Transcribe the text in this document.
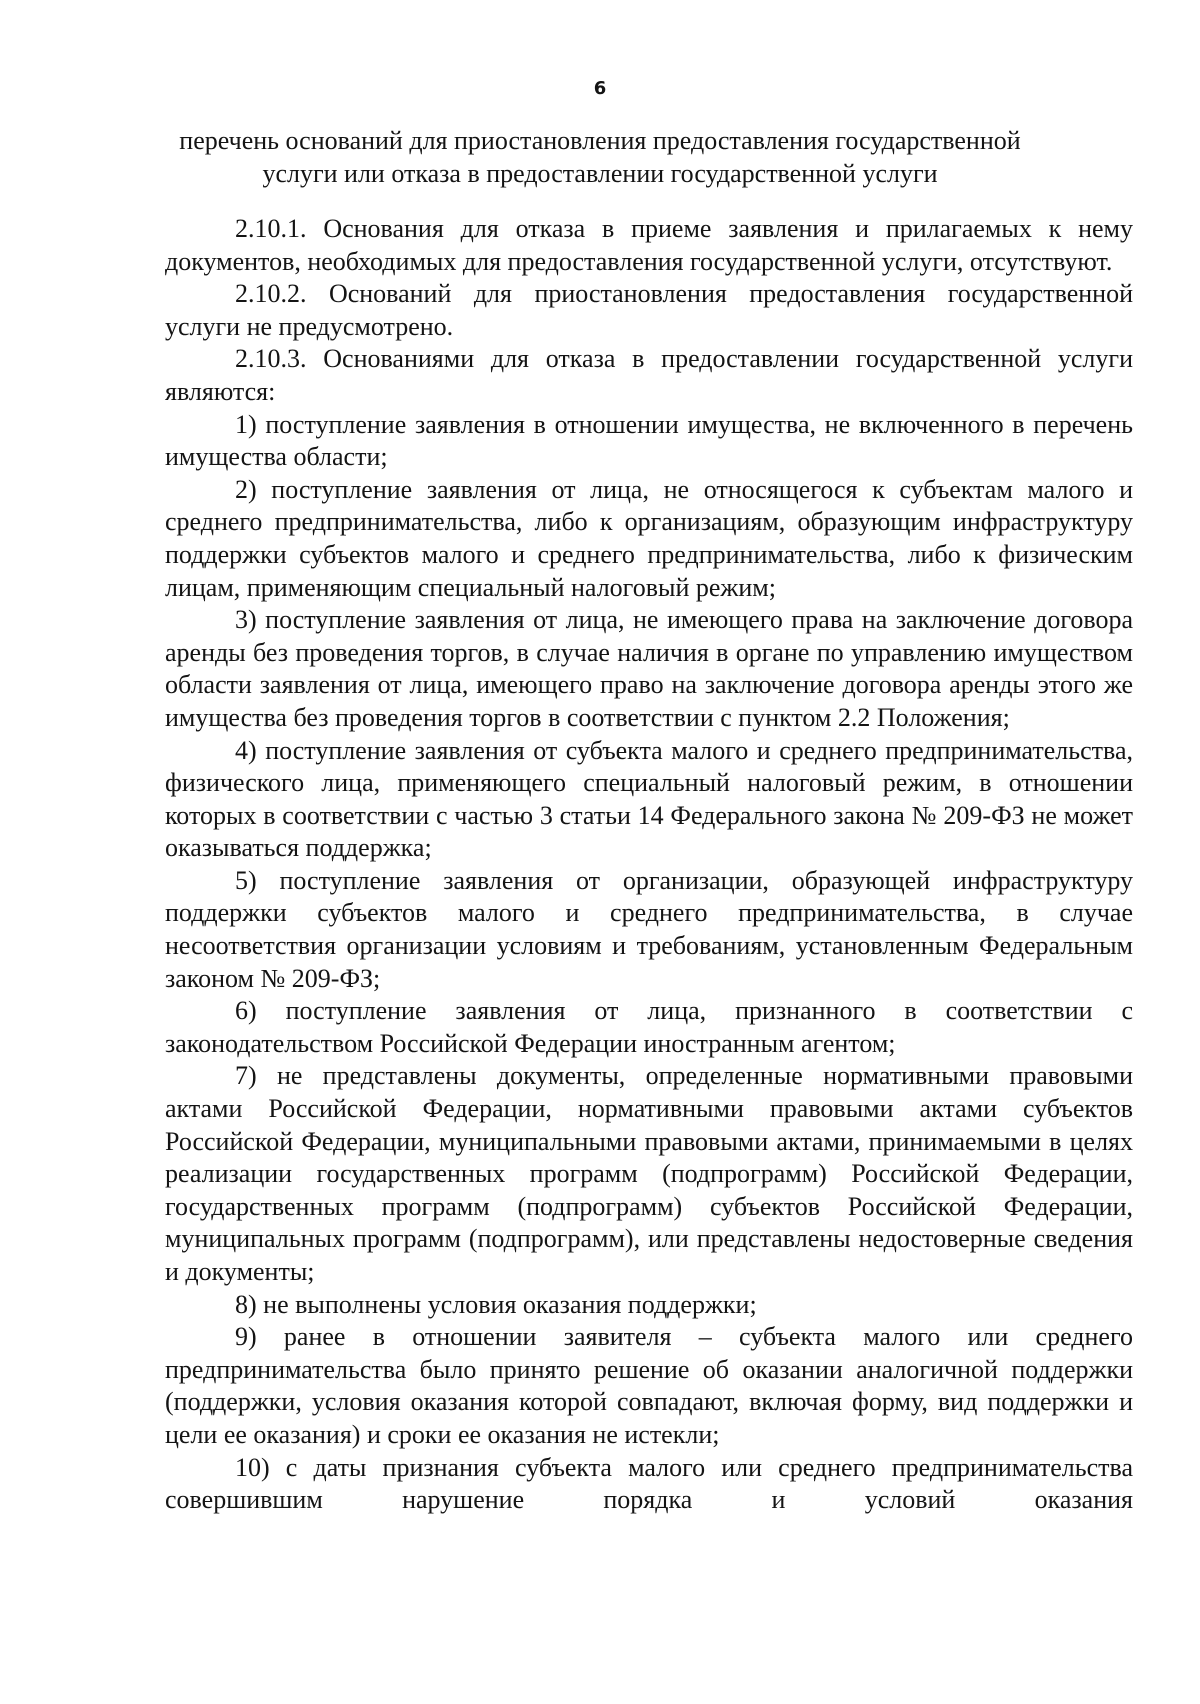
6
перечень оснований для приостановления предоставления государственной услуги или отказа в предоставлении государственной услуги

2.10.1. Основания для отказа в приеме заявления и прилагаемых к нему документов, необходимых для предоставления государственной услуги, отсутствуют.

2.10.2. Оснований для приостановления предоставления государственной услуги не предусмотрено.

2.10.3. Основаниями для отказа в предоставлении государственной услуги являются:

1) поступление заявления в отношении имущества, не включенного в перечень имущества области;

2) поступление заявления от лица, не относящегося к субъектам малого и среднего предпринимательства, либо к организациям, образующим инфраструктуру поддержки субъектов малого и среднего предпринимательства, либо к физическим лицам, применяющим специальный налоговый режим;

3) поступление заявления от лица, не имеющего права на заключение договора аренды без проведения торгов, в случае наличия в органе по управлению имуществом области заявления от лица, имеющего право на заключение договора аренды этого же имущества без проведения торгов в соответствии с пунктом 2.2 Положения;

4) поступление заявления от субъекта малого и среднего предпринимательства, физического лица, применяющего специальный налоговый режим, в отношении которых в соответствии с частью 3 статьи 14 Федерального закона № 209-ФЗ не может оказываться поддержка;

5) поступление заявления от организации, образующей инфраструктуру поддержки субъектов малого и среднего предпринимательства, в случае несоответствия организации условиям и требованиям, установленным Федеральным законом № 209-ФЗ;

6) поступление заявления от лица, признанного в соответствии с законодательством Российской Федерации иностранным агентом;

7) не представлены документы, определенные нормативными правовыми актами Российской Федерации, нормативными правовыми актами субъектов Российской Федерации, муниципальными правовыми актами, принимаемыми в целях реализации государственных программ (подпрограмм) Российской Федерации, государственных программ (подпрограмм) субъектов Российской Федерации, муниципальных программ (подпрограмм), или представлены недостоверные сведения и документы;

8) не выполнены условия оказания поддержки;

9) ранее в отношении заявителя – субъекта малого или среднего предпринимательства было принято решение об оказании аналогичной поддержки (поддержки, условия оказания которой совпадают, включая форму, вид поддержки и цели ее оказания) и сроки ее оказания не истекли;

10) с даты признания субъекта малого или среднего предпринимательства совершившим нарушение порядка и условий оказания
